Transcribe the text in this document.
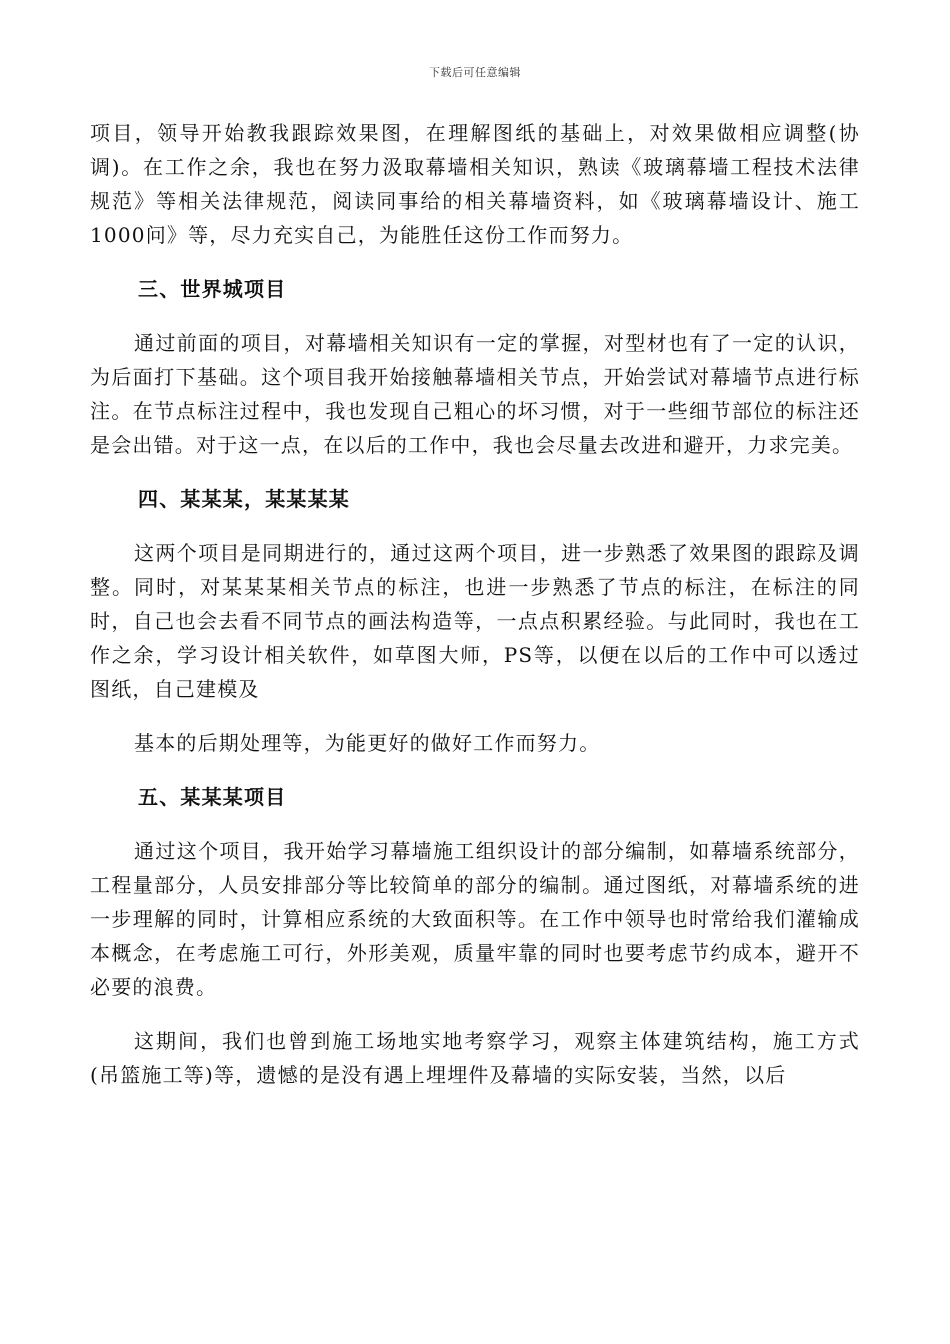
下载后可任意编辑

项目，领导开始教我跟踪效果图，在理解图纸的基础上，对效果做相应调整(协调)。在工作之余，我也在努力汲取幕墙相关知识，熟读《玻璃幕墙工程技术法律规范》等相关法律规范，阅读同事给的相关幕墙资料，如《玻璃幕墙设计、施工1000问》等，尽力充实自己，为能胜任这份工作而努力。

三、世界城项目

通过前面的项目，对幕墙相关知识有一定的掌握，对型材也有了一定的认识，为后面打下基础。这个项目我开始接触幕墙相关节点，开始尝试对幕墙节点进行标注。在节点标注过程中，我也发现自己粗心的坏习惯，对于一些细节部位的标注还是会出错。对于这一点，在以后的工作中，我也会尽量去改进和避开，力求完美。

四、某某某，某某某某

这两个项目是同期进行的，通过这两个项目，进一步熟悉了效果图的跟踪及调整。同时，对某某某相关节点的标注，也进一步熟悉了节点的标注，在标注的同时，自己也会去看不同节点的画法构造等，一点点积累经验。与此同时，我也在工作之余，学习设计相关软件，如草图大师，PS等，以便在以后的工作中可以透过图纸，自己建模及

基本的后期处理等，为能更好的做好工作而努力。

五、某某某项目

通过这个项目，我开始学习幕墙施工组织设计的部分编制，如幕墙系统部分，工程量部分，人员安排部分等比较简单的部分的编制。通过图纸，对幕墙系统的进一步理解的同时，计算相应系统的大致面积等。在工作中领导也时常给我们灌输成本概念，在考虑施工可行，外形美观，质量牢靠的同时也要考虑节约成本，避开不必要的浪费。

这期间，我们也曾到施工场地实地考察学习，观察主体建筑结构，施工方式(吊篮施工等)等，遗憾的是没有遇上埋埋件及幕墙的实际安装，当然，以后
